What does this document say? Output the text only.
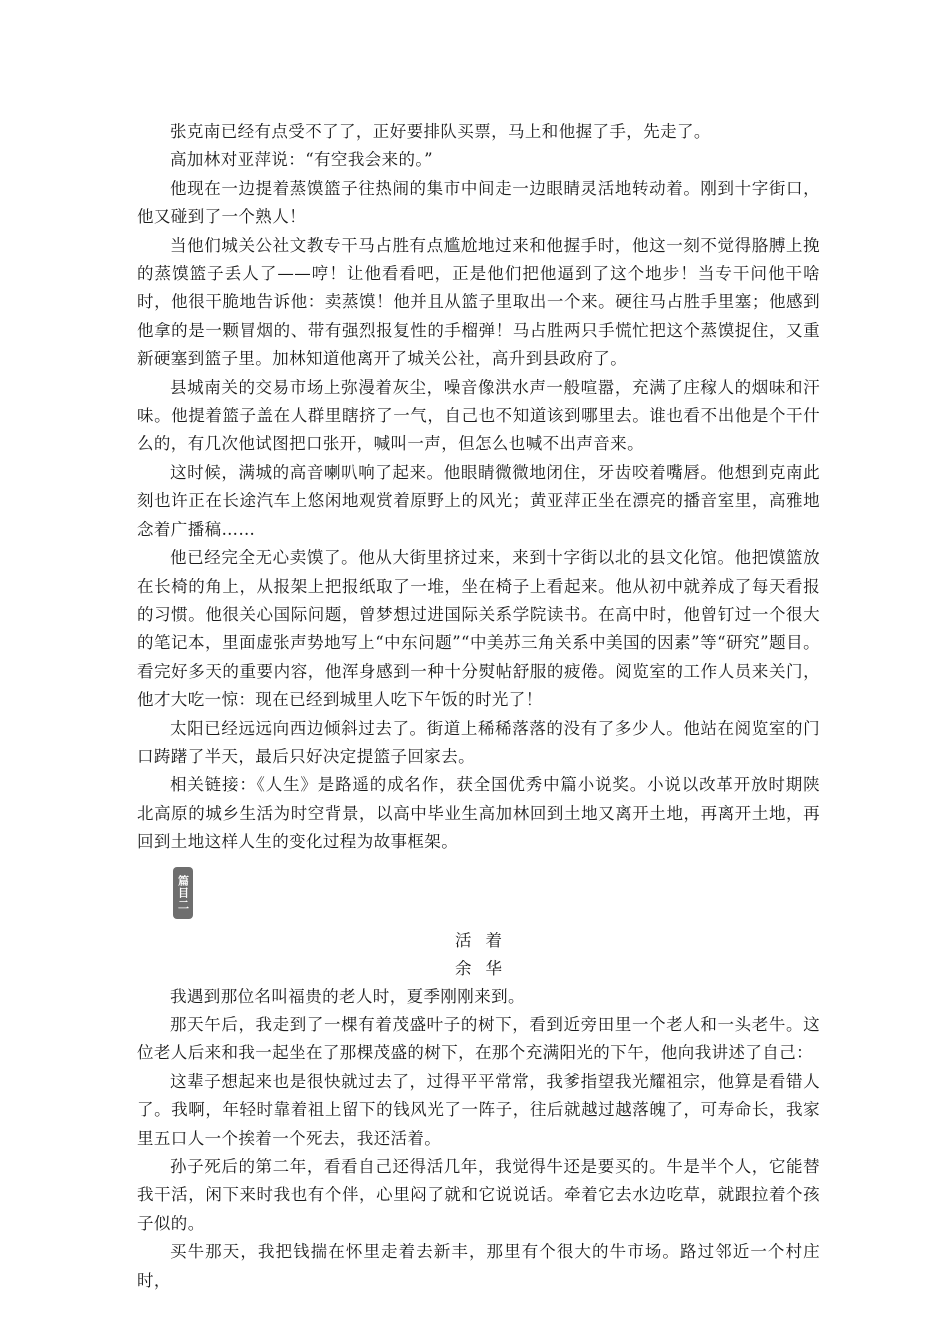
张克南已经有点受不了了，正好要排队买票，马上和他握了手，先走了。

高加林对亚萍说：“有空我会来的。”

他现在一边提着蒸馍篮子往热闹的集市中间走一边眼睛灵活地转动着。刚到十字街口，他又碰到了一个熟人！

当他们城关公社文教专干马占胜有点尴尬地过来和他握手时，他这一刻不觉得胳膊上挽的蒸馍篮子丢人了——哼！让他看看吧，正是他们把他逼到了这个地步！当专干问他干啥时，他很干脆地告诉他：卖蒸馍！他并且从篮子里取出一个来。硬往马占胜手里塞；他感到他拿的是一颗冒烟的、带有强烈报复性的手榴弹！马占胜两只手慌忙把这个蒸馍捉住，又重新硬塞到篮子里。加林知道他离开了城关公社，高升到县政府了。

县城南关的交易市场上弥漫着灰尘，噪音像洪水声一般喧嚣，充满了庄稼人的烟味和汗味。他提着篮子盖在人群里瞎挤了一气，自己也不知道该到哪里去。谁也看不出他是个干什么的，有几次他试图把口张开，喊叫一声，但怎么也喊不出声音来。

这时候，满城的高音喇叭响了起来。他眼睛微微地闭住，牙齿咬着嘴唇。他想到克南此刻也许正在长途汽车上悠闲地观赏着原野上的风光；黄亚萍正坐在漂亮的播音室里，高雅地念着广播稿……

他已经完全无心卖馍了。他从大街里挤过来，来到十字街以北的县文化馆。他把馍篮放在长椅的角上，从报架上把报纸取了一堆，坐在椅子上看起来。他从初中就养成了每天看报的习惯。他很关心国际问题，曾梦想过进国际关系学院读书。在高中时，他曾钉过一个很大的笔记本，里面虚张声势地写上“中东问题”“中美苏三角关系中美国的因素”等“研究”题目。看完好多天的重要内容，他浑身感到一种十分熨帖舒服的疲倦。阅览室的工作人员来关门，他才大吃一惊：现在已经到城里人吃下午饭的时光了！

太阳已经远远向西边倾斜过去了。街道上稀稀落落的没有了多少人。他站在阅览室的门口踌躇了半天，最后只好决定提篮子回家去。

相关链接：《人生》是路遥的成名作，获全国优秀中篇小说奖。小说以改革开放时期陕北高原的城乡生活为时空背景，以高中毕业生高加林回到土地又离开土地，再离开土地，再回到土地这样人生的变化过程为故事框架。

篇目二

活着

余华

我遇到那位名叫福贵的老人时，夏季刚刚来到。

那天午后，我走到了一棵有着茂盛叶子的树下，看到近旁田里一个老人和一头老牛。这位老人后来和我一起坐在了那棵茂盛的树下，在那个充满阳光的下午，他向我讲述了自己：

这辈子想起来也是很快就过去了，过得平平常常，我爹指望我光耀祖宗，他算是看错人了。我啊，年轻时靠着祖上留下的钱风光了一阵子，往后就越过越落魄了，可寿命长，我家里五口人一个挨着一个死去，我还活着。

孙子死后的第二年，看看自己还得活几年，我觉得牛还是要买的。牛是半个人，它能替我干活，闲下来时我也有个伴，心里闷了就和它说说话。牵着它去水边吃草，就跟拉着个孩子似的。

买牛那天，我把钱揣在怀里走着去新丰，那里有个很大的牛市场。路过邻近一个村庄时，
